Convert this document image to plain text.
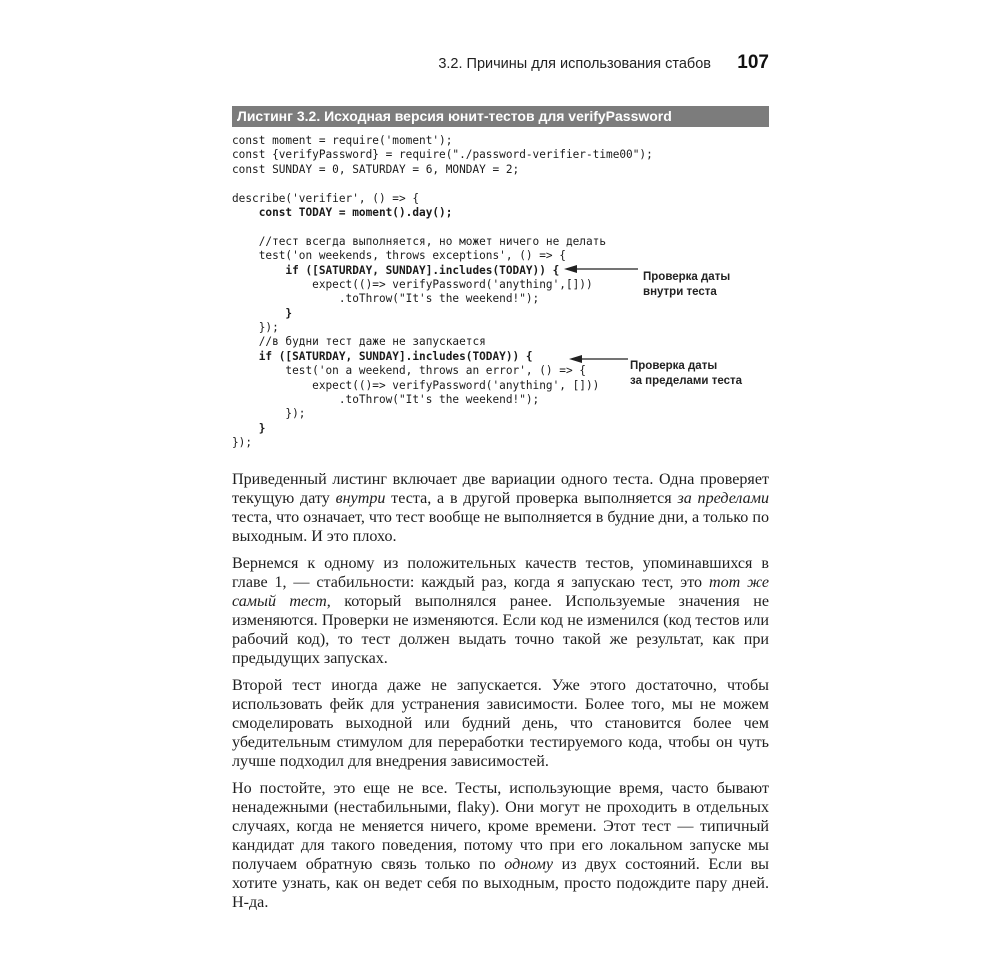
3.2. Причины для использования стабов 107
Листинг 3.2. Исходная версия юнит-тестов для verifyPassword
const moment = require('moment');
const {verifyPassword} = require("./password-verifier-time00");
const SUNDAY = 0, SATURDAY = 6, MONDAY = 2;
describe('verifier', () => {
const TODAY = moment().day();
//тест всегда выполняется, но может ничего не делать
test('on weekends, throws exceptions', () => {
if ([SATURDAY, SUNDAY].includes(TODAY)) {
expect(()=> verifyPassword('anything',[]))
.toThrow("It's the weekend!");
}
});
//в будни тест даже не запускается
if ([SATURDAY, SUNDAY].includes(TODAY)) {
test('on a weekend, throws an error', () => {
expect(()=> verifyPassword('anything', []))
.toThrow("It's the weekend!");
});
}
});
Проверка даты
внутри теста
Проверка даты
за пределами теста

Приведенный листинг включает две вариации одного теста. Одна проверяет текущую дату внутри теста, а в другой проверка выполняется за пределами теста, что означает, что тест вообще не выполняется в будние дни, а только по выходным. И это плохо.

Вернемся к одному из положительных качеств тестов, упоминавшихся в главе 1, — стабильности: каждый раз, когда я запускаю тест, это тот же самый тест, который выполнялся ранее. Используемые значения не изменяются. Проверки не изменяются. Если код не изменился (код тестов или рабочий код), то тест должен выдать точно такой же результат, как при предыдущих запусках.

Второй тест иногда даже не запускается. Уже этого достаточно, чтобы использовать фейк для устранения зависимости. Более того, мы не можем смоделировать выходной или будний день, что становится более чем убедительным стимулом для переработки тестируемого кода, чтобы он чуть лучше подходил для внедрения зависимостей.

Но постойте, это еще не все. Тесты, использующие время, часто бывают ненадежными (нестабильными, flaky). Они могут не проходить в отдельных случаях, когда не меняется ничего, кроме времени. Этот тест — типичный кандидат для такого поведения, потому что при его локальном запуске мы получаем обратную связь только по одному из двух состояний. Если вы хотите узнать, как он ведет себя по выходным, просто подождите пару дней. Н-да.
